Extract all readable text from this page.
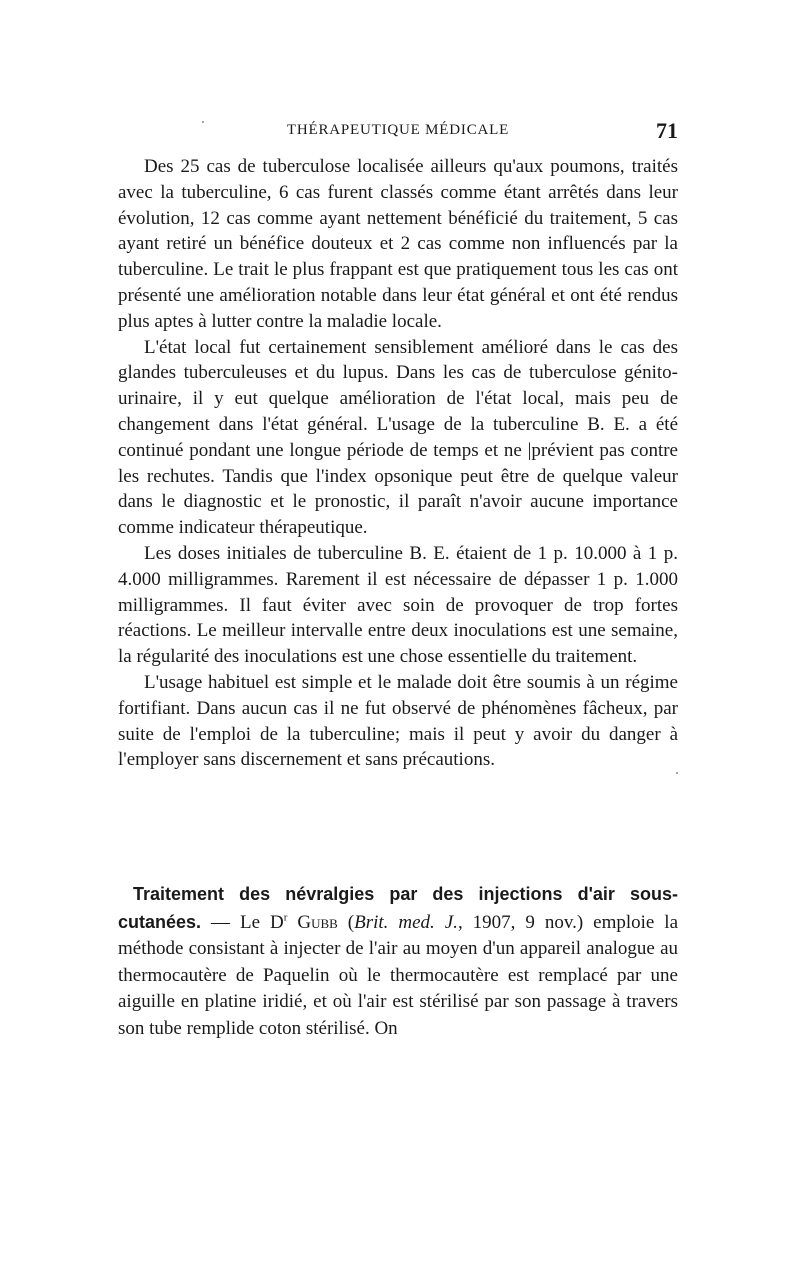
THÉRAPEUTIQUE MÉDICALE	71

Des 25 cas de tuberculose localisée ailleurs qu'aux poumons, traités avec la tuberculine, 6 cas furent classés comme étant arrêtés dans leur évolution, 12 cas comme ayant nettement bénéficié du traitement, 5 cas ayant retiré un bénéfice douteux et 2 cas comme non influencés par la tuberculine. Le trait le plus frappant est que pratiquement tous les cas ont présenté une amélioration notable dans leur état général et ont été rendus plus aptes à lutter contre la maladie locale.

L'état local fut certainement sensiblement amélioré dans le cas des glandes tuberculeuses et du lupus. Dans les cas de tuberculose génito-urinaire, il y eut quelque amélioration de l'état local, mais peu de changement dans l'état général. L'usage de la tuberculine B. E. a été continué pondant une longue période de temps et ne |prévient pas contre les rechutes. Tandis que l'index opsonique peut être de quelque valeur dans le diagnostic et le pronostic, il paraît n'avoir aucune importance comme indicateur thérapeutique.

Les doses initiales de tuberculine B. E. étaient de 1 p. 10.000 à 1 p. 4.000 milligrammes. Rarement il est nécessaire de dépasser 1 p. 1.000 milligrammes. Il faut éviter avec soin de provoquer de trop fortes réactions. Le meilleur intervalle entre deux inoculations est une semaine, la régularité des inoculations est une chose essentielle du traitement.

L'usage habituel est simple et le malade doit être soumis à un régime fortifiant. Dans aucun cas il ne fut observé de phénomènes fâcheux, par suite de l'emploi de la tuberculine; mais il peut y avoir du danger à l'employer sans discernement et sans précautions.

Traitement des névralgies par des injections d'air sous-cutanées. — Le $D^r$ Gubb (Brit. med. J., 1907, 9 nov.) emploie la méthode consistant à injecter de l'air au moyen d'un appareil analogue au thermocautère de Paquelin où le thermocautère est remplacé par une aiguille en platine iridié, et où l'air est stérilisé par son passage à travers son tube remplide coton stérilisé. On
